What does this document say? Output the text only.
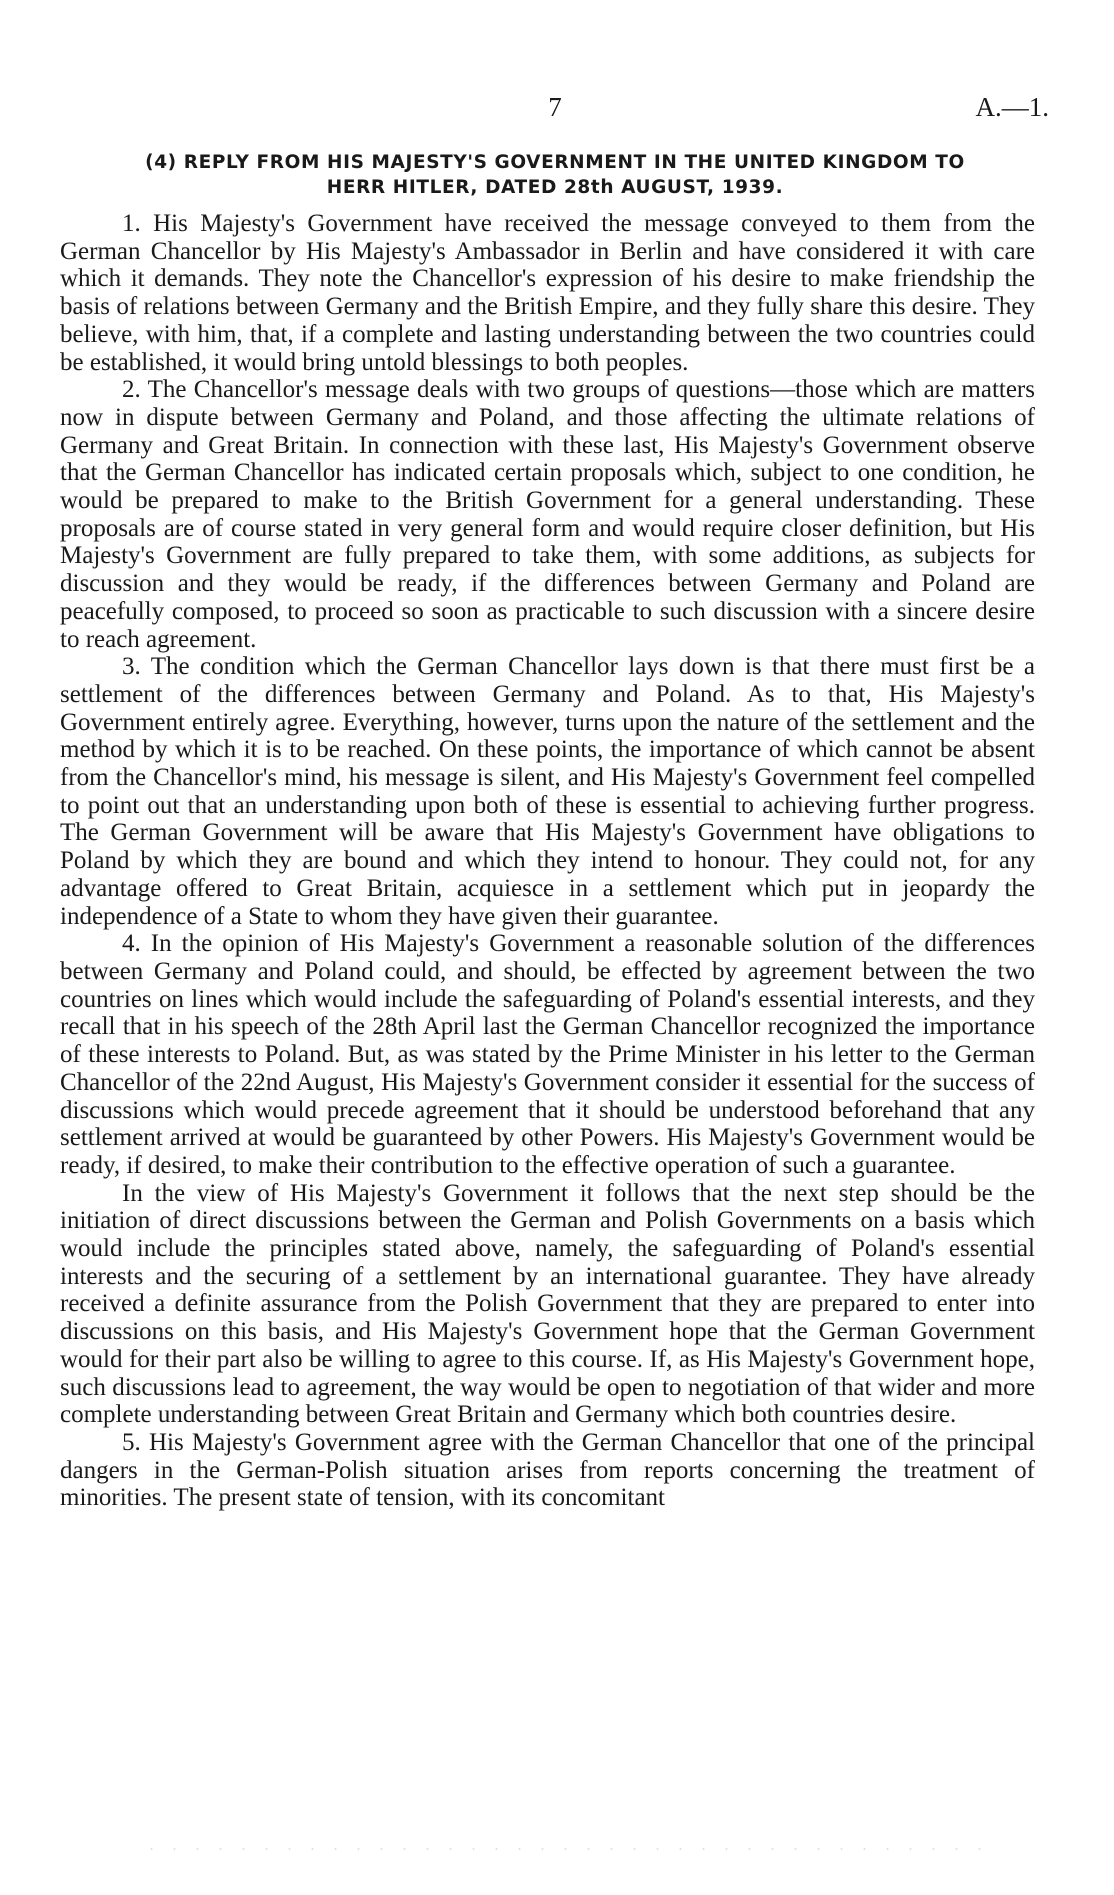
7	A.—1.
(4) REPLY FROM HIS MAJESTY'S GOVERNMENT IN THE UNITED KINGDOM TO
HERR HITLER, DATED 28th AUGUST, 1939.

1. His Majesty's Government have received the message conveyed to them from the German Chancellor by His Majesty's Ambassador in Berlin and have considered it with care which it demands. They note the Chancellor's expression of his desire to make friendship the basis of relations between Germany and the British Empire, and they fully share this desire. They believe, with him, that, if a complete and lasting understanding between the two countries could be established, it would bring untold blessings to both peoples.

2. The Chancellor's message deals with two groups of questions—those which are matters now in dispute between Germany and Poland, and those affecting the ultimate relations of Germany and Great Britain. In connection with these last, His Majesty's Government observe that the German Chancellor has indicated certain proposals which, subject to one condition, he would be prepared to make to the British Government for a general understanding. These proposals are of course stated in very general form and would require closer definition, but His Majesty's Government are fully prepared to take them, with some additions, as subjects for discussion and they would be ready, if the differences between Germany and Poland are peacefully composed, to proceed so soon as practicable to such discussion with a sincere desire to reach agreement.

3. The condition which the German Chancellor lays down is that there must first be a settlement of the differences between Germany and Poland. As to that, His Majesty's Government entirely agree. Everything, however, turns upon the nature of the settlement and the method by which it is to be reached. On these points, the importance of which cannot be absent from the Chancellor's mind, his message is silent, and His Majesty's Government feel compelled to point out that an understanding upon both of these is essential to achieving further progress. The German Government will be aware that His Majesty's Government have obligations to Poland by which they are bound and which they intend to honour. They could not, for any advantage offered to Great Britain, acquiesce in a settlement which put in jeopardy the independence of a State to whom they have given their guarantee.

4. In the opinion of His Majesty's Government a reasonable solution of the differences between Germany and Poland could, and should, be effected by agreement between the two countries on lines which would include the safeguarding of Poland's essential interests, and they recall that in his speech of the 28th April last the German Chancellor recognized the importance of these interests to Poland. But, as was stated by the Prime Minister in his letter to the German Chancellor of the 22nd August, His Majesty's Government consider it essential for the success of discussions which would precede agreement that it should be understood beforehand that any settlement arrived at would be guaranteed by other Powers. His Majesty's Government would be ready, if desired, to make their contribution to the effective operation of such a guarantee.

In the view of His Majesty's Government it follows that the next step should be the initiation of direct discussions between the German and Polish Governments on a basis which would include the principles stated above, namely, the safeguarding of Poland's essential interests and the securing of a settlement by an international guarantee. They have already received a definite assurance from the Polish Government that they are prepared to enter into discussions on this basis, and His Majesty's Government hope that the German Government would for their part also be willing to agree to this course. If, as His Majesty's Government hope, such discussions lead to agreement, the way would be open to negotiation of that wider and more complete understanding between Great Britain and Germany which both countries desire.

5. His Majesty's Government agree with the German Chancellor that one of the principal dangers in the German-Polish situation arises from reports concerning the treatment of minorities. The present state of tension, with its concomitant
